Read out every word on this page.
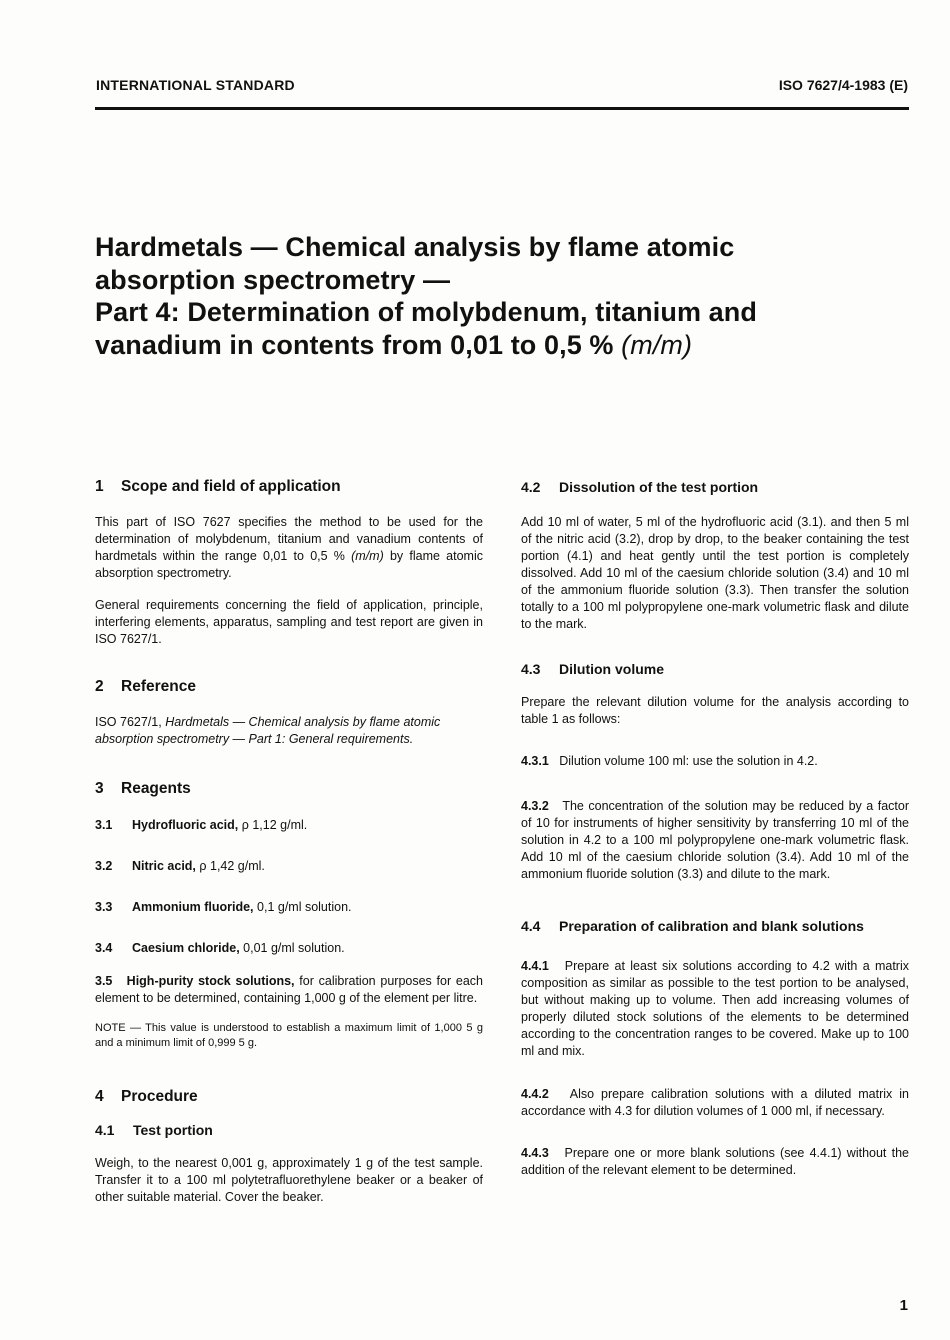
INTERNATIONAL STANDARD	ISO 7627/4-1983 (E)
Hardmetals — Chemical analysis by flame atomic
absorption spectrometry —
Part 4: Determination of molybdenum, titanium and
vanadium in contents from 0,01 to 0,5 % (m/m)
1 Scope and field of application

This part of ISO 7627 specifies the method to be used for the determination of molybdenum, titanium and vanadium contents of hardmetals within the range 0,01 to 0,5 % (m/m) by flame atomic absorption spectrometry.

General requirements concerning the field of application, principle, interfering elements, apparatus, sampling and test report are given in ISO 7627/1.

2 Reference

ISO 7627/1, Hardmetals — Chemical analysis by flame atomic absorption spectrometry — Part 1: General requirements.

3 Reagents

3.1 Hydrofluoric acid, ρ 1,12 g/ml.

3.2 Nitric acid, ρ 1,42 g/ml.

3.3 Ammonium fluoride, 0,1 g/ml solution.

3.4 Caesium chloride, 0,01 g/ml solution.

3.5 High-purity stock solutions, for calibration purposes for each element to be determined, containing 1,000 g of the element per litre.

NOTE — This value is understood to establish a maximum limit of 1,000 5 g and a minimum limit of 0,999 5 g.

4 Procedure
4.1 Test portion

Weigh, to the nearest 0,001 g, approximately 1 g of the test sample. Transfer it to a 100 ml polytetrafluorethylene beaker or a beaker of other suitable material. Cover the beaker.

4.2 Dissolution of the test portion

Add 10 ml of water, 5 ml of the hydrofluoric acid (3.1). and then 5 ml of the nitric acid (3.2), drop by drop, to the beaker containing the test portion (4.1) and heat gently until the test portion is completely dissolved. Add 10 ml of the caesium chloride solution (3.4) and 10 ml of the ammonium fluoride solution (3.3). Then transfer the solution totally to a 100 ml polypropylene one-mark volumetric flask and dilute to the mark.

4.3 Dilution volume

Prepare the relevant dilution volume for the analysis according to table 1 as follows:

4.3.1 Dilution volume 100 ml: use the solution in 4.2.

4.3.2 The concentration of the solution may be reduced by a factor of 10 for instruments of higher sensitivity by transferring 10 ml of the solution in 4.2 to a 100 ml polypropylene one-mark volumetric flask. Add 10 ml of the caesium chloride solution (3.4). Add 10 ml of the ammonium fluoride solution (3.3) and dilute to the mark.

4.4 Preparation of calibration and blank solutions

4.4.1 Prepare at least six solutions according to 4.2 with a matrix composition as similar as possible to the test portion to be analysed, but without making up to volume. Then add increasing volumes of properly diluted stock solutions of the elements to be determined according to the concentration ranges to be covered. Make up to 100 ml and mix.

4.4.2 Also prepare calibration solutions with a diluted matrix in accordance with 4.3 for dilution volumes of 1 000 ml, if necessary.

4.4.3 Prepare one or more blank solutions (see 4.4.1) without the addition of the relevant element to be determined.

1
